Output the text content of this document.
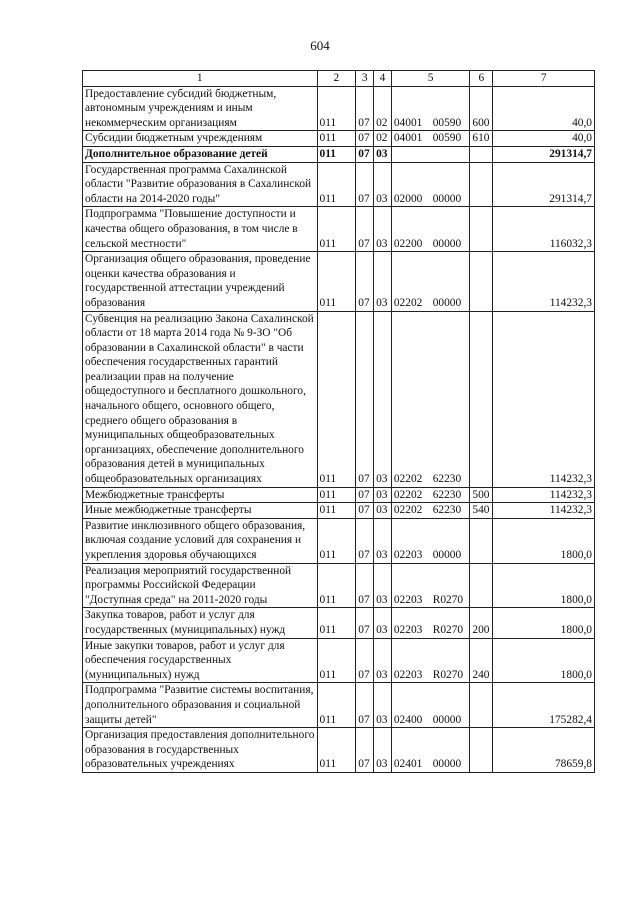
604
1	2	3	4	5	6	7
Предоставление субсидий бюджетным, автономным учреждениям и иным некоммерческим организациям	011	07	02	04001 00590	600	40,0
Субсидии бюджетным учреждениям	011	07	02	04001 00590	610	40,0
Дополнительное образование детей	011	07	03			291314,7
Государственная программа Сахалинской области "Развитие образования в Сахалинской области на 2014-2020 годы"	011	07	03	02000 00000		291314,7
Подпрограмма "Повышение доступности и качества общего образования, в том числе в сельской местности"	011	07	03	02200 00000		116032,3
Организация общего образования, проведение оценки качества образования и государственной аттестации учреждений образования	011	07	03	02202 00000		114232,3
Субвенция на реализацию Закона Сахалинской области от 18 марта 2014 года № 9-ЗО "Об образовании в Сахалинской области" в части обеспечения государственных гарантий реализации прав на получение общедоступного и бесплатного дошкольного, начального общего, основного общего, среднего общего образования в муниципальных общеобразовательных организациях, обеспечение дополнительного образования детей в муниципальных общеобразовательных организациях	011	07	03	02202 62230		114232,3
Межбюджетные трансферты	011	07	03	02202 62230	500	114232,3
Иные межбюджетные трансферты	011	07	03	02202 62230	540	114232,3
Развитие инклюзивного общего образования, включая создание условий для сохранения и укрепления здоровья обучающихся	011	07	03	02203 00000		1800,0
Реализация мероприятий государственной программы Российской Федерации "Доступная среда" на 2011-2020 годы	011	07	03	02203 R0270		1800,0
Закупка товаров, работ и услуг для государственных (муниципальных) нужд	011	07	03	02203 R0270	200	1800,0
Иные закупки товаров, работ и услуг для обеспечения государственных (муниципальных) нужд	011	07	03	02203 R0270	240	1800,0
Подпрограмма "Развитие системы воспитания, дополнительного образования и социальной защиты детей"	011	07	03	02400 00000		175282,4
Организация предоставления дополнительного образования в государственных образовательных учреждениях	011	07	03	02401 00000		78659,8
